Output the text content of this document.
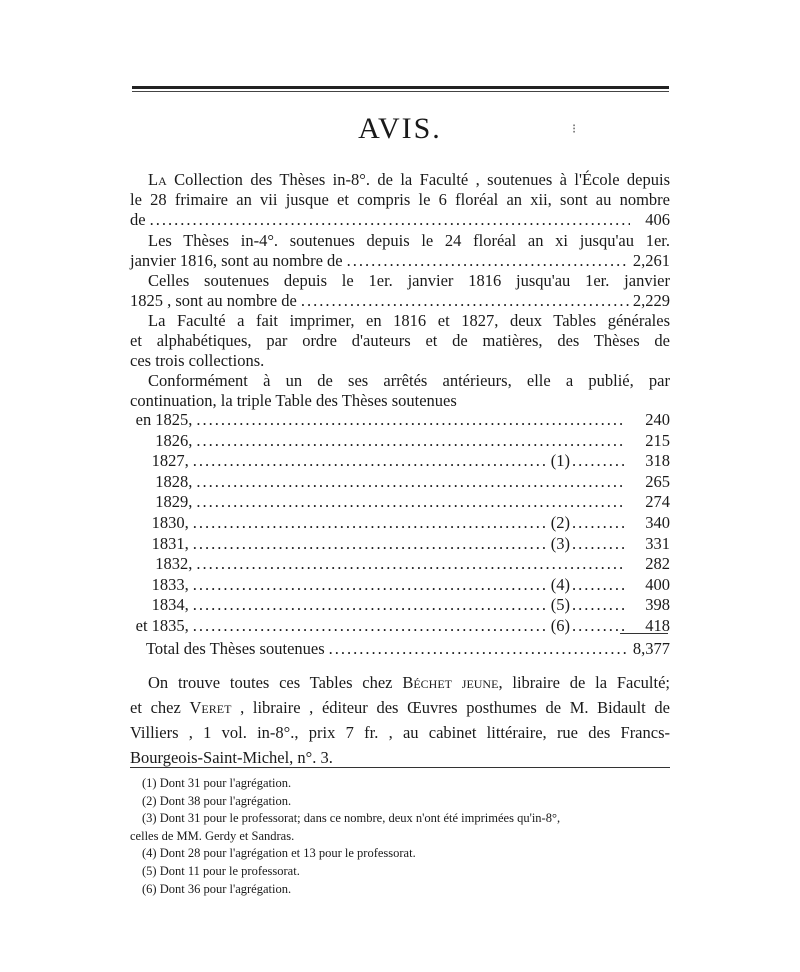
AVIS.	⁝
La Collection des Thèses in-8°. de la Faculté , soutenues à l'École depuis
le 28 frimaire an vii jusque et compris le 6 floréal an xii, sont au nombre
de .....	406
Les Thèses in-4°. soutenues depuis le 24 floréal an xi jusqu'au 1er.
janvier 1816, sont au nombre de .....	2,261
Celles soutenues depuis le 1er. janvier 1816 jusqu'au 1er. janvier
1825 , sont au nombre de .....	2,229
La Faculté a fait imprimer, en 1816 et 1827, deux Tables générales
et alphabétiques, par ordre d'auteurs et de matières, des Thèses de
ces trois collections.
Conformément à un de ses arrêtés antérieurs, elle a publié, par
continuation, la triple Table des Thèses soutenues
en 1825, .....	240
1826, .....	215
1827, .....	(1) .....	318
1828, .....	265
1829, .....	274
1830, .....	(2) .....	340
1831, .....	(3) .....	331
1832, .....	282
1833, .....	(4) .....	400
1834, .....	(5) .....	398
et 1835, .....	(6) .....	418
Total des Thèses soutenues .....	8,377
On trouve toutes ces Tables chez Béchet jeune, libraire de la Faculté;
et chez Veret , libraire , éditeur des Œuvres posthumes de M. Bidault de
Villiers , 1 vol. in-8°., prix 7 fr. , au cabinet littéraire, rue des Francs-
Bourgeois-Saint-Michel, n°. 3.
(1) Dont 31 pour l'agrégation.
(2) Dont 38 pour l'agrégation.
(3) Dont 31 pour le professorat; dans ce nombre, deux n'ont été imprimées qu'in-8°,
celles de MM. Gerdy et Sandras.
(4) Dont 28 pour l'agrégation et 13 pour le professorat.
(5) Dont 11 pour le professorat.
(6) Dont 36 pour l'agrégation.
